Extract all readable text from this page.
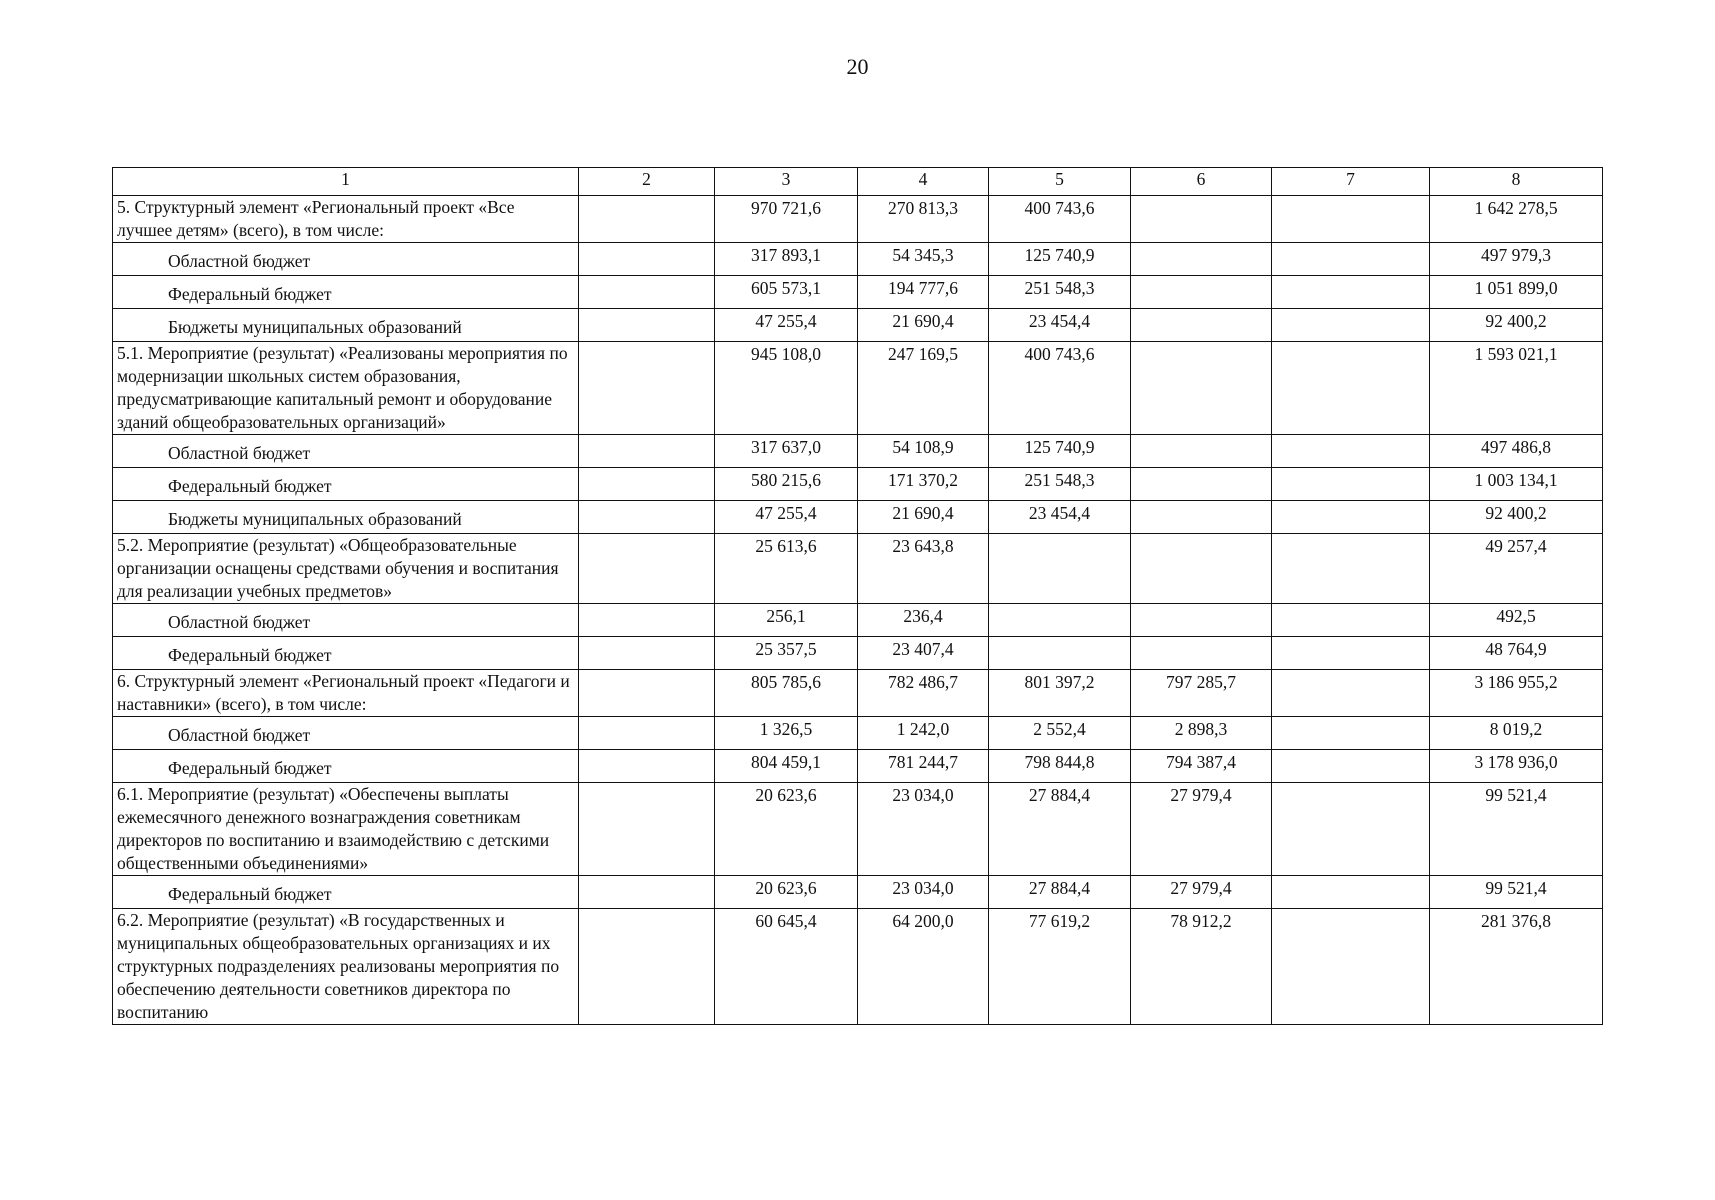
20
1	2	3	4	5	6	7	8
5. Структурный элемент «Региональный проект «Все лучшее детям» (всего), в том числе:		970 721,6	270 813,3	400 743,6			1 642 278,5
Областной бюджет		317 893,1	54 345,3	125 740,9			497 979,3
Федеральный бюджет		605 573,1	194 777,6	251 548,3			1 051 899,0
Бюджеты муниципальных образований		47 255,4	21 690,4	23 454,4			92 400,2
5.1. Мероприятие (результат) «Реализованы мероприятия по модернизации школьных систем образования, предусматривающие капитальный ремонт и оборудование зданий общеобразовательных организаций»		945 108,0	247 169,5	400 743,6			1 593 021,1
Областной бюджет		317 637,0	54 108,9	125 740,9			497 486,8
Федеральный бюджет		580 215,6	171 370,2	251 548,3			1 003 134,1
Бюджеты муниципальных образований		47 255,4	21 690,4	23 454,4			92 400,2
5.2. Мероприятие (результат) «Общеобразовательные организации оснащены средствами обучения и воспитания для реализации учебных предметов»		25 613,6	23 643,8				49 257,4
Областной бюджет		256,1	236,4				492,5
Федеральный бюджет		25 357,5	23 407,4				48 764,9
6. Структурный элемент «Региональный проект «Педагоги и наставники» (всего), в том числе:		805 785,6	782 486,7	801 397,2	797 285,7		3 186 955,2
Областной бюджет		1 326,5	1 242,0	2 552,4	2 898,3		8 019,2
Федеральный бюджет		804 459,1	781 244,7	798 844,8	794 387,4		3 178 936,0
6.1. Мероприятие (результат) «Обеспечены выплаты ежемесячного денежного вознаграждения советникам директоров по воспитанию и взаимодействию с детскими общественными объединениями»		20 623,6	23 034,0	27 884,4	27 979,4		99 521,4
Федеральный бюджет		20 623,6	23 034,0	27 884,4	27 979,4		99 521,4
6.2. Мероприятие (результат) «В государственных и муниципальных общеобразовательных организациях и их структурных подразделениях реализованы мероприятия по обеспечению деятельности советников директора по воспитанию		60 645,4	64 200,0	77 619,2	78 912,2		281 376,8
